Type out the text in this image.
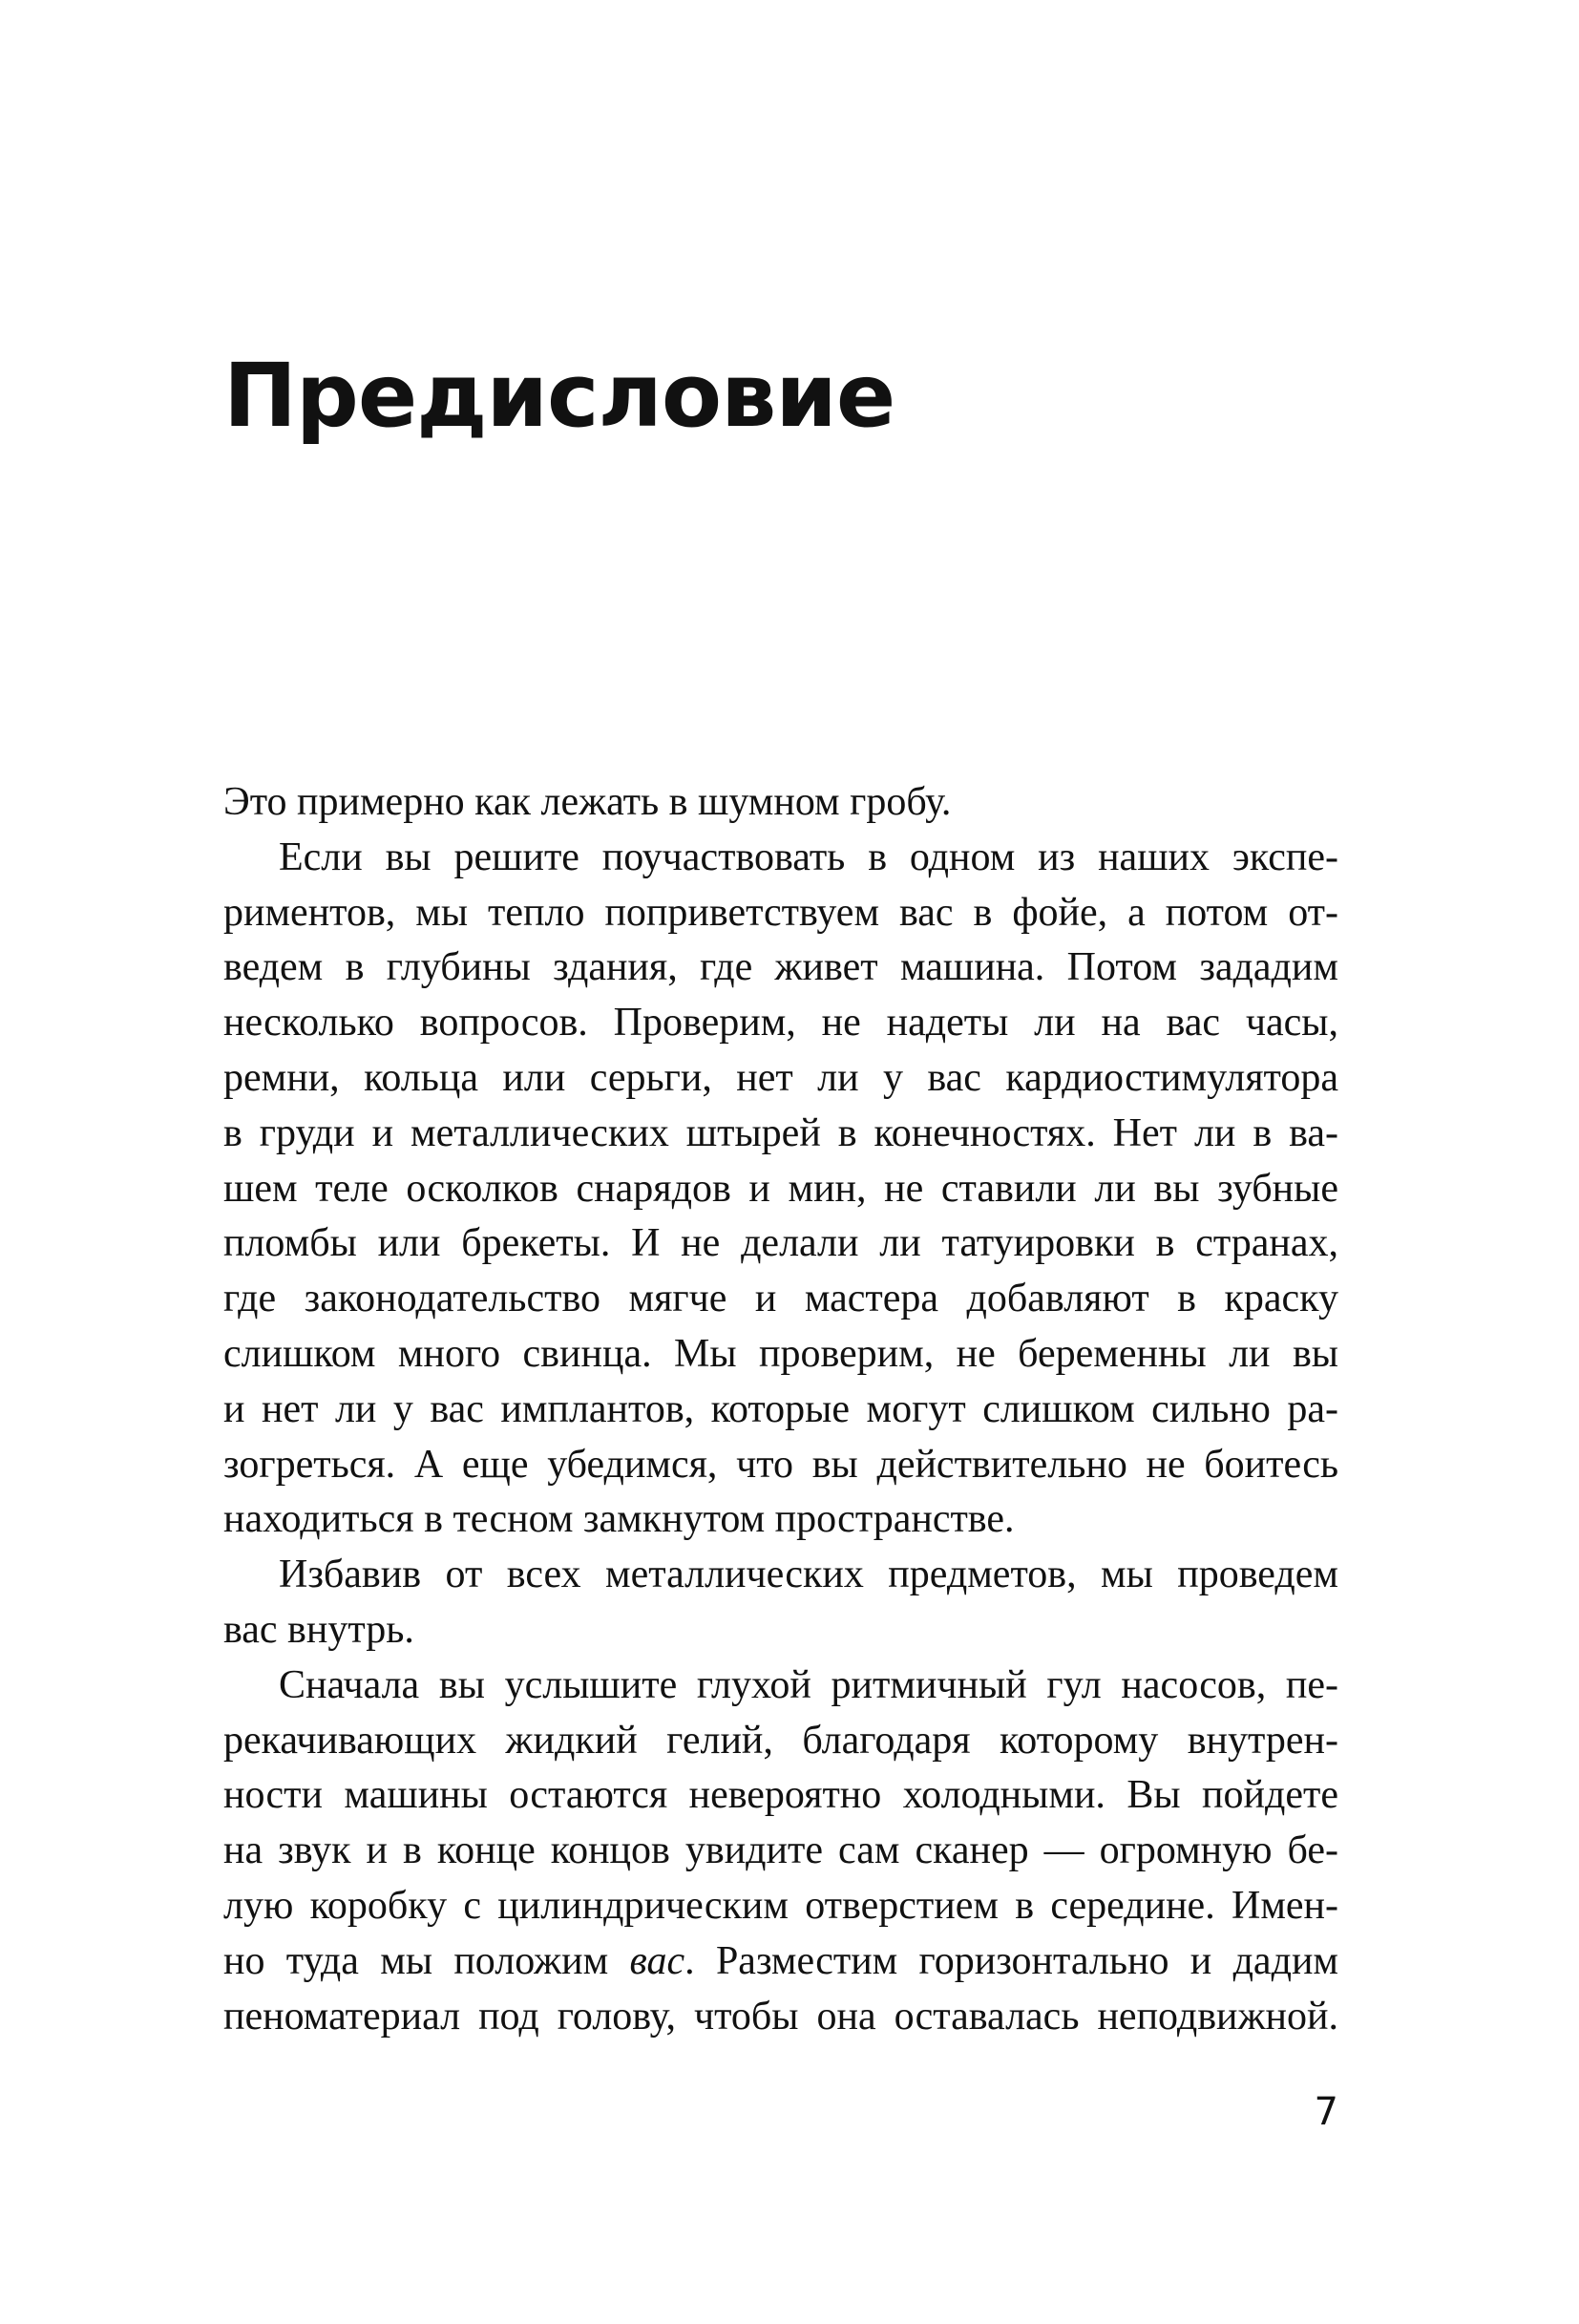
Предисловие
Это примерно как лежать в шумном гробу.
Если вы решите поучаствовать в одном из наших экспе-
риментов, мы тепло поприветствуем вас в фойе, а потом от-
ведем в глубины здания, где живет машина. Потом зададим
несколько вопросов. Проверим, не надеты ли на вас часы,
ремни, кольца или серьги, нет ли у вас кардиостимулятора
в груди и металлических штырей в конечностях. Нет ли в ва-
шем теле осколков снарядов и мин, не ставили ли вы зубные
пломбы или брекеты. И не делали ли татуировки в странах,
где законодательство мягче и мастера добавляют в краску
слишком много свинца. Мы проверим, не беременны ли вы
и нет ли у вас имплантов, которые могут слишком сильно ра-
зогреться. А еще убедимся, что вы действительно не боитесь
находиться в тесном замкнутом пространстве.
Избавив от всех металлических предметов, мы проведем
вас внутрь.
Сначала вы услышите глухой ритмичный гул насосов, пе-
рекачивающих жидкий гелий, благодаря которому внутрен-
ности машины остаются невероятно холодными. Вы пойдете
на звук и в конце концов увидите сам сканер — огромную бе-
лую коробку с цилиндрическим отверстием в середине. Имен-
но туда мы положим вас. Разместим горизонтально и дадим
пеноматериал под голову, чтобы она оставалась неподвижной.
7
